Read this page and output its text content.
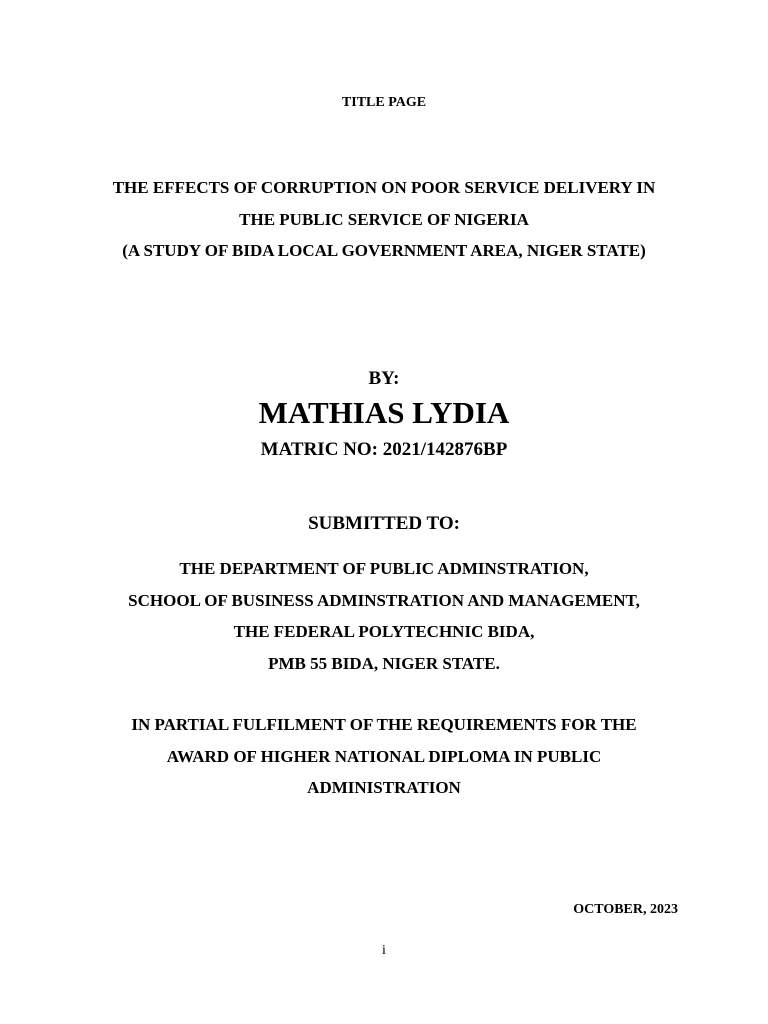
TITLE PAGE
THE EFFECTS OF CORRUPTION ON POOR SERVICE DELIVERY IN
THE PUBLIC SERVICE OF NIGERIA
(A STUDY OF BIDA LOCAL GOVERNMENT AREA, NIGER STATE)
BY:
MATHIAS LYDIA
MATRIC NO: 2021/142876BP
SUBMITTED TO:
THE DEPARTMENT OF PUBLIC ADMINSTRATION,
SCHOOL OF BUSINESS ADMINSTRATION AND MANAGEMENT,
THE FEDERAL POLYTECHNIC BIDA,
PMB 55 BIDA, NIGER STATE.
IN PARTIAL FULFILMENT OF THE REQUIREMENTS FOR THE
AWARD OF HIGHER NATIONAL DIPLOMA IN PUBLIC
ADMINISTRATION
OCTOBER, 2023
i
